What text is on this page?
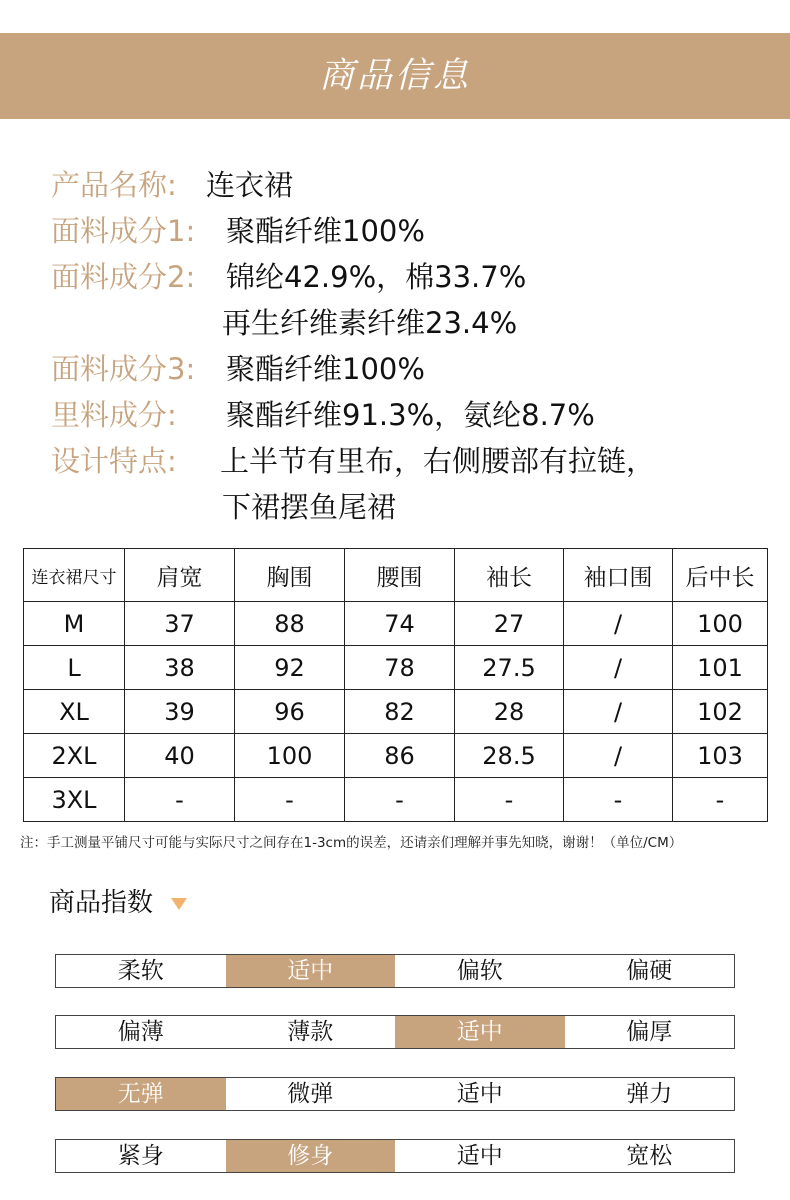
商品信息
产品名称: 连衣裙
面料成分1: 聚酯纤维100%
面料成分2: 锦纶42.9%，棉33.7%
再生纤维素纤维23.4%
面料成分3: 聚酯纤维100%
里料成分: 聚酯纤维91.3%，氨纶8.7%
设计特点: 上半节有里布，右侧腰部有拉链，
下裙摆鱼尾裙
连衣裙尺寸	肩宽	胸围	腰围	袖长	袖口围	后中长
M	37	88	74	27	/	100
L	38	92	78	27.5	/	101
XL	39	96	82	28	/	102
2XL	40	100	86	28.5	/	103
3XL	-	-	-	-	-	-
注：手工测量平铺尺寸可能与实际尺寸之间存在1-3cm的误差，还请亲们理解并事先知晓，谢谢！（单位/CM）
商品指数
柔软	适中	偏软	偏硬
偏薄	薄款	适中	偏厚
无弹	微弹	适中	弹力
紧身	修身	适中	宽松
